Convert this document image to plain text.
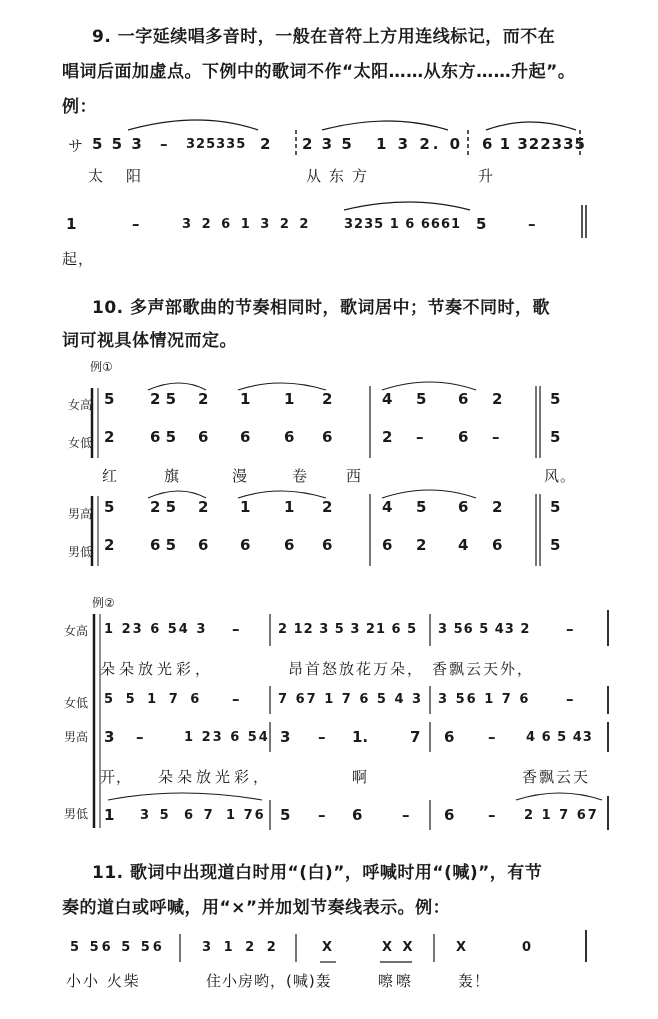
9. 一字延续唱多音时，一般在音符上方用连线标记，而不在
唱词后面加虚点。下例中的歌词不作“太阳……从东方……升起”。
例：
サ 5 5 3 – 325335 2 2 3 5 1 3 2. 0 6 1 322335
太 阳	从东方	升
1	–	3 2 6 1 3 2 2	3235 1 6 6661 5	–
起，
10. 多声部歌曲的节奏相同时，歌词居中；节奏不同时，歌
词可视具体情况而定。
例①
女高
女低
男高
男低
5 2 5 2 1 1 2	4 5 6 2	5
2 6 5 6 6 6 6	2 – 6 –	5
5 2 5 2 1 1 2	4 5 6 2	5
2 6 5 6 6 6 6	6 2 4 6	5
红	旗	漫	卷	西	风。
例②
女高
女低
男高
男低
1 23 6 54 3 –	2 12 3 5 3 21 6 5 3 56 5 43 2 –
朵朵放光彩，	昂首怒放花万朵， 香飘云天外，
5 5 1 7 6 –	7 67 1 7 6 5 4 3 3 56 1 7 6 –
3 –	1 23 6 54 3 – 1.	7 6 – 4 6 5 43
开， 朵朵放光彩，	啊	香飘云天
1 3 5 6 7 1 76 5 – 6	– 6 – 2 1 7 67
11. 歌词中出现道白时用“(白)”，呼喊时用“(喊)”，有节
奏的道白或呼喊，用“×”并加划节奏线表示。例：
5 56 5 56	3 1 2 2	X	X X	X	0
小小 火柴	住小房哟， (喊)轰	嚓嚓	轰！
